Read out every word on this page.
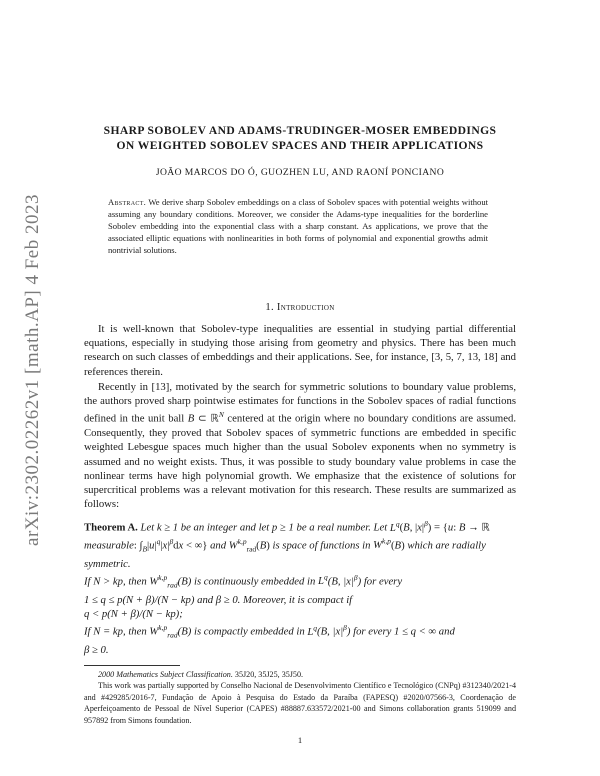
arXiv:2302.02262v1 [math.AP] 4 Feb 2023
SHARP SOBOLEV AND ADAMS-TRUDINGER-MOSER EMBEDDINGS
ON WEIGHTED SOBOLEV SPACES AND THEIR APPLICATIONS
JOÃO MARCOS DO Ó, GUOZHEN LU, AND RAONÍ PONCIANO
Abstract. We derive sharp Sobolev embeddings on a class of Sobolev spaces with potential weights without assuming any boundary conditions. Moreover, we consider the Adams-type inequalities for the borderline Sobolev embedding into the exponential class with a sharp constant. As applications, we prove that the associated elliptic equations with nonlinearities in both forms of polynomial and exponential growths admit nontrivial solutions.
1. Introduction
It is well-known that Sobolev-type inequalities are essential in studying partial differential equations, especially in studying those arising from geometry and physics. There has been much research on such classes of embeddings and their applications. See, for instance, [3, 5, 7, 13, 18] and references therein.
Recently in [13], motivated by the search for symmetric solutions to boundary value problems, the authors proved sharp pointwise estimates for functions in the Sobolev spaces of radial functions defined in the unit ball B ⊂ ℝ$^N$ centered at the origin where no boundary conditions are assumed. Consequently, they proved that Sobolev spaces of symmetric functions are embedded in specific weighted Lebesgue spaces much higher than the usual Sobolev exponents when no symmetry is assumed and no weight exists. Thus, it was possible to study boundary value problems in case the nonlinear terms have high polynomial growth. We emphasize that the existence of solutions for supercritical problems was a relevant motivation for this research. These results are summarized as follows:
Theorem A. Let k ≥ 1 be an integer and let p ≥ 1 be a real number. Let $L^q(B$, $|x|^\beta) = \{u$: B → ℝ measurable: $\int_B|u|^q|x|^\beta dx$ < ∞} and W$^{k,p}_{rad}$(B) is space of functions in W$^{k,p}$(B) which are radially symmetric.
If N > kp, then W$^{k,p}_{rad}$(B) is continuously embedded in $L^q(B$, $|x|^\beta$) for every
1 ≤ q ≤ p(N + β)/(N − kp) and β ≥ 0. Moreover, it is compact if
q < p(N + β)/(N − kp);
If N = kp, then W$^{k,p}_{rad}$(B) is compactly embedded in $L^q(B$, $|x|^\beta$) for every 1 ≤ q < ∞ and
β ≥ 0.

2000 Mathematics Subject Classification. 35J20, 35J25, 35J50.

This work was partially supported by Conselho Nacional de Desenvolvimento Científico e Tecnológico (CNPq) #312340/2021-4 and #429285/2016-7, Fundação de Apoio à Pesquisa do Estado da Paraíba (FAPESQ) #2020/07566-3, Coordenação de Aperfeiçoamento de Pessoal de Nível Superior (CAPES) #88887.633572/2021-00 and Simons collaboration grants 519099 and 957892 from Simons foundation.

1
